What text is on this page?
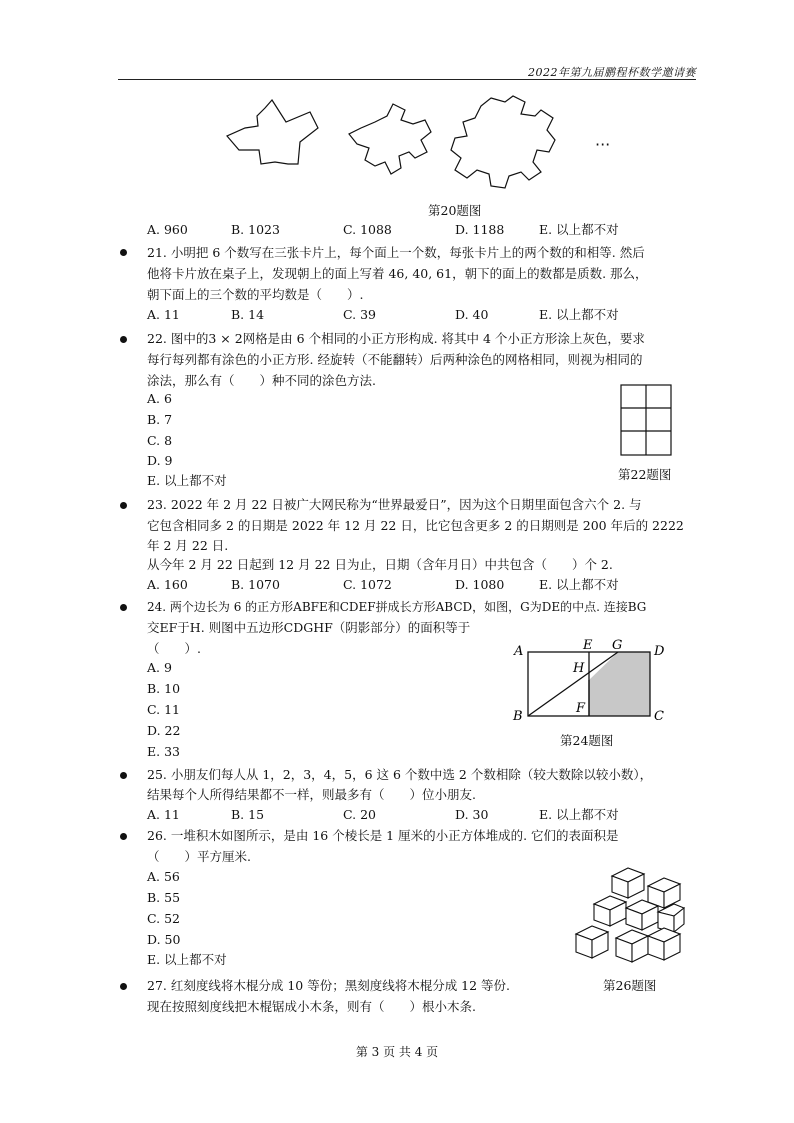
2022年第九届鹏程杯数学邀请赛
···
第20题图
A. 960	B. 1023	C. 1088	D. 1188	E. 以上都不对
21. 小明把 6 个数写在三张卡片上，每个面上一个数，每张卡片上的两个数的和相等. 然后
他将卡片放在桌子上，发现朝上的面上写着 46, 40, 61，朝下的面上的数都是质数. 那么，
朝下面上的三个数的平均数是（　　）.
A. 11	B. 14	C. 39	D. 40	E. 以上都不对
22. 图中的3 × 2网格是由 6 个相同的小正方形构成. 将其中 4 个小正方形涂上灰色，要求
每行每列都有涂色的小正方形. 经旋转（不能翻转）后两种涂色的网格相同，则视为相同的
涂法，那么有（　　）种不同的涂色方法.
A. 6
B. 7
C. 8
D. 9
E. 以上都不对	第22题图
23. 2022 年 2 月 22 日被广大网民称为“世界最爱日”，因为这个日期里面包含六个 2. 与
它包含相同多 2 的日期是 2022 年 12 月 22 日，比它包含更多 2 的日期则是 200 年后的 2222
年 2 月 22 日.
从今年 2 月 22 日起到 12 月 22 日为止，日期（含年月日）中共包含（　　）个 2.
A. 160	B. 1070	C. 1072	D. 1080	E. 以上都不对
24. 两个边长为 6 的正方形ABFE和CDEF拼成长方形ABCD，如图，G为DE的中点. 连接BG
交EF于H. 则图中五边形CDGHF（阴影部分）的面积等于
（　　）.
A. 9
B. 10
C. 11
D. 22
E. 33
A
B	C
D
E
F
G
H
第24题图
25. 小朋友们每人从 1，2，3，4，5，6 这 6 个数中选 2 个数相除（较大数除以较小数），
结果每个人所得结果都不一样，则最多有（　　）位小朋友.
A. 11	B. 15	C. 20	D. 30	E. 以上都不对
26. 一堆积木如图所示，是由 16 个棱长是 1 厘米的小正方体堆成的. 它们的表面积是
（　　）平方厘米.
A. 56
B. 55
C. 52
D. 50
E. 以上都不对
第26题图
27. 红刻度线将木棍分成 10 等份；黑刻度线将木棍分成 12 等份.
现在按照刻度线把木棍锯成小木条，则有（　　）根小木条.
第 3 页 共 4 页
